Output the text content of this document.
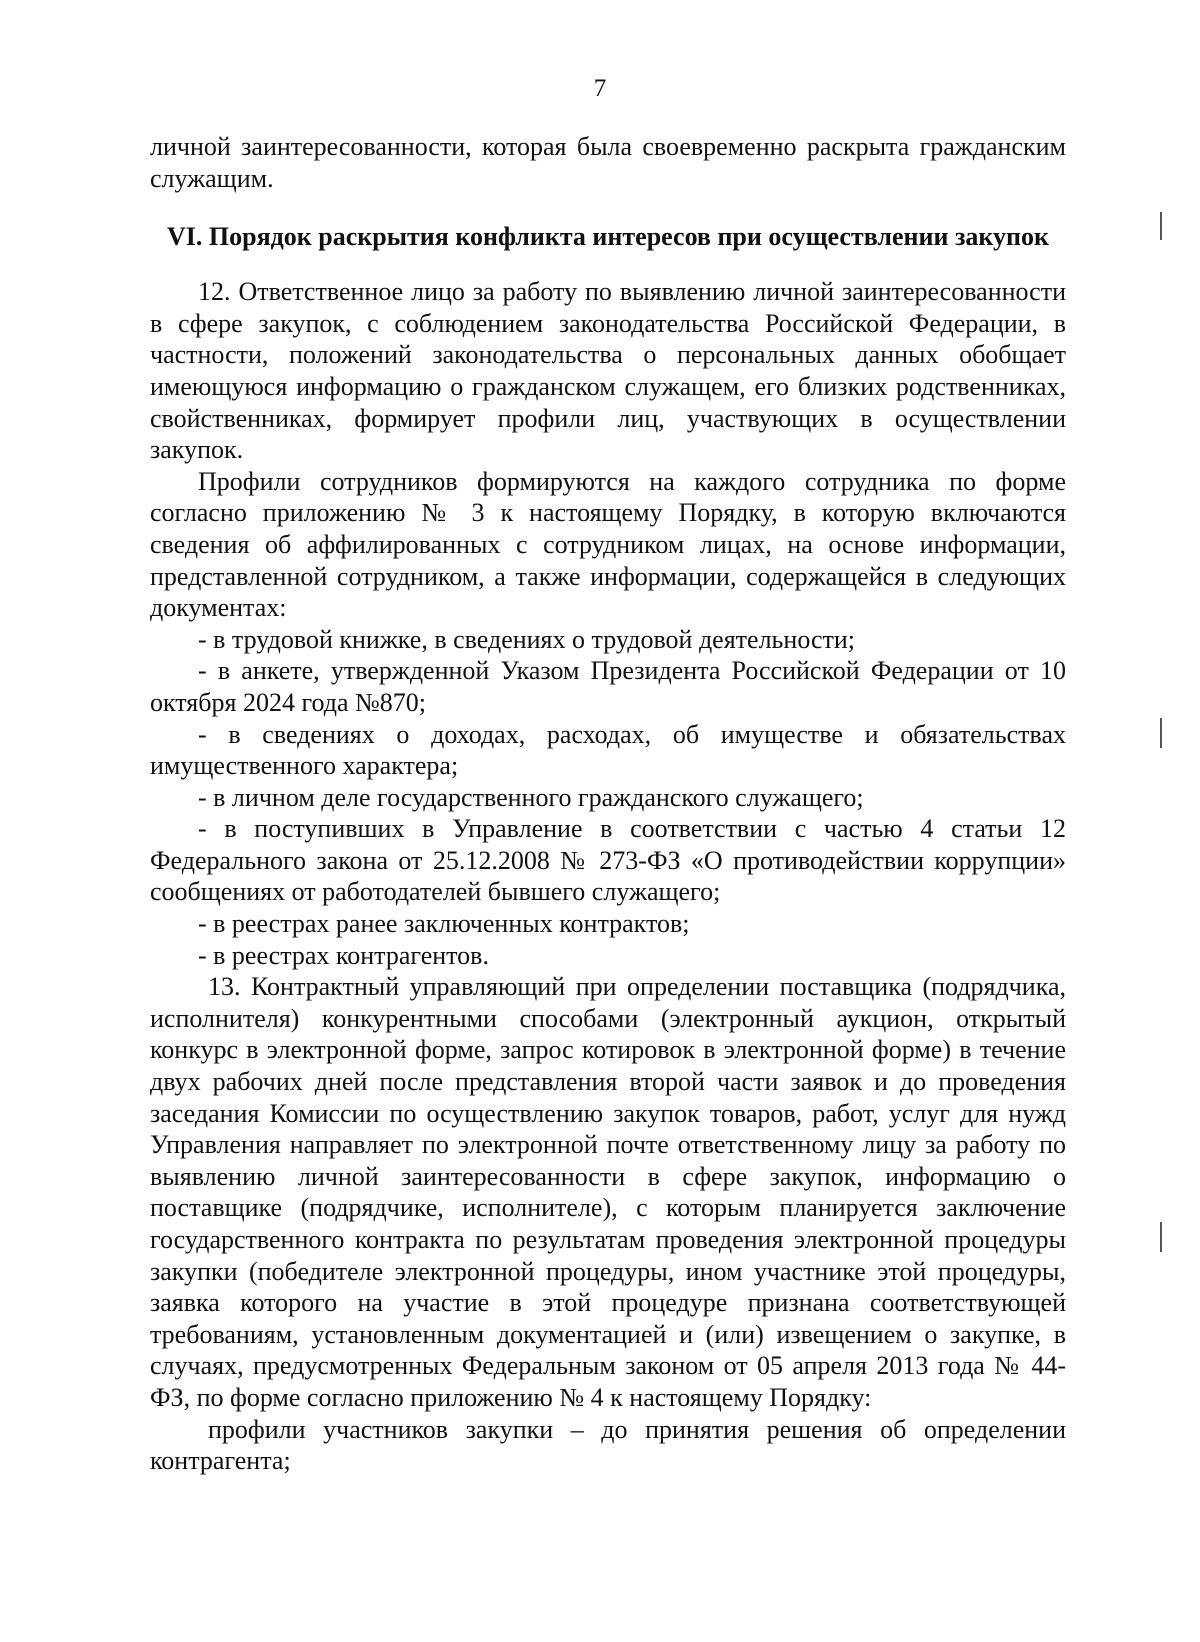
7

личной заинтересованности, которая была своевременно раскрыта гражданским служащим.

VI. Порядок раскрытия конфликта интересов при осуществлении закупок

12. Ответственное лицо за работу по выявлению личной заинтересованности в сфере закупок, с соблюдением законодательства Российской Федерации, в частности, положений законодательства о персональных данных обобщает имеющуюся информацию о гражданском служащем, его близких родственниках, свойственниках, формирует профили лиц, участвующих в осуществлении закупок.

Профили сотрудников формируются на каждого сотрудника по форме согласно приложению № 3 к настоящему Порядку, в которую включаются сведения об аффилированных с сотрудником лицах, на основе информации, представленной сотрудником, а также информации, содержащейся в следующих документах:

- в трудовой книжке, в сведениях о трудовой деятельности;

- в анкете, утвержденной Указом Президента Российской Федерации от 10 октября 2024 года №870;

- в сведениях о доходах, расходах, об имуществе и обязательствах имущественного характера;

- в личном деле государственного гражданского служащего;

- в поступивших в Управление в соответствии с частью 4 статьи 12 Федерального закона от 25.12.2008 № 273-ФЗ «О противодействии коррупции» сообщениях от работодателей бывшего служащего;

- в реестрах ранее заключенных контрактов;

- в реестрах контрагентов.

13. Контрактный управляющий при определении поставщика (подрядчика, исполнителя) конкурентными способами (электронный аукцион, открытый конкурс в электронной форме, запрос котировок в электронной форме) в течение двух рабочих дней после представления второй части заявок и до проведения заседания Комиссии по осуществлению закупок товаров, работ, услуг для нужд Управления направляет по электронной почте ответственному лицу за работу по выявлению личной заинтересованности в сфере закупок, информацию о поставщике (подрядчике, исполнителе), с которым планируется заключение государственного контракта по результатам проведения электронной процедуры закупки (победителе электронной процедуры, ином участнике этой процедуры, заявка которого на участие в этой процедуре признана соответствующей требованиям, установленным документацией и (или) извещением о закупке, в случаях, предусмотренных Федеральным законом от 05 апреля 2013 года № 44-ФЗ, по форме согласно приложению № 4 к настоящему Порядку:

профили участников закупки – до принятия решения об определении контрагента;
